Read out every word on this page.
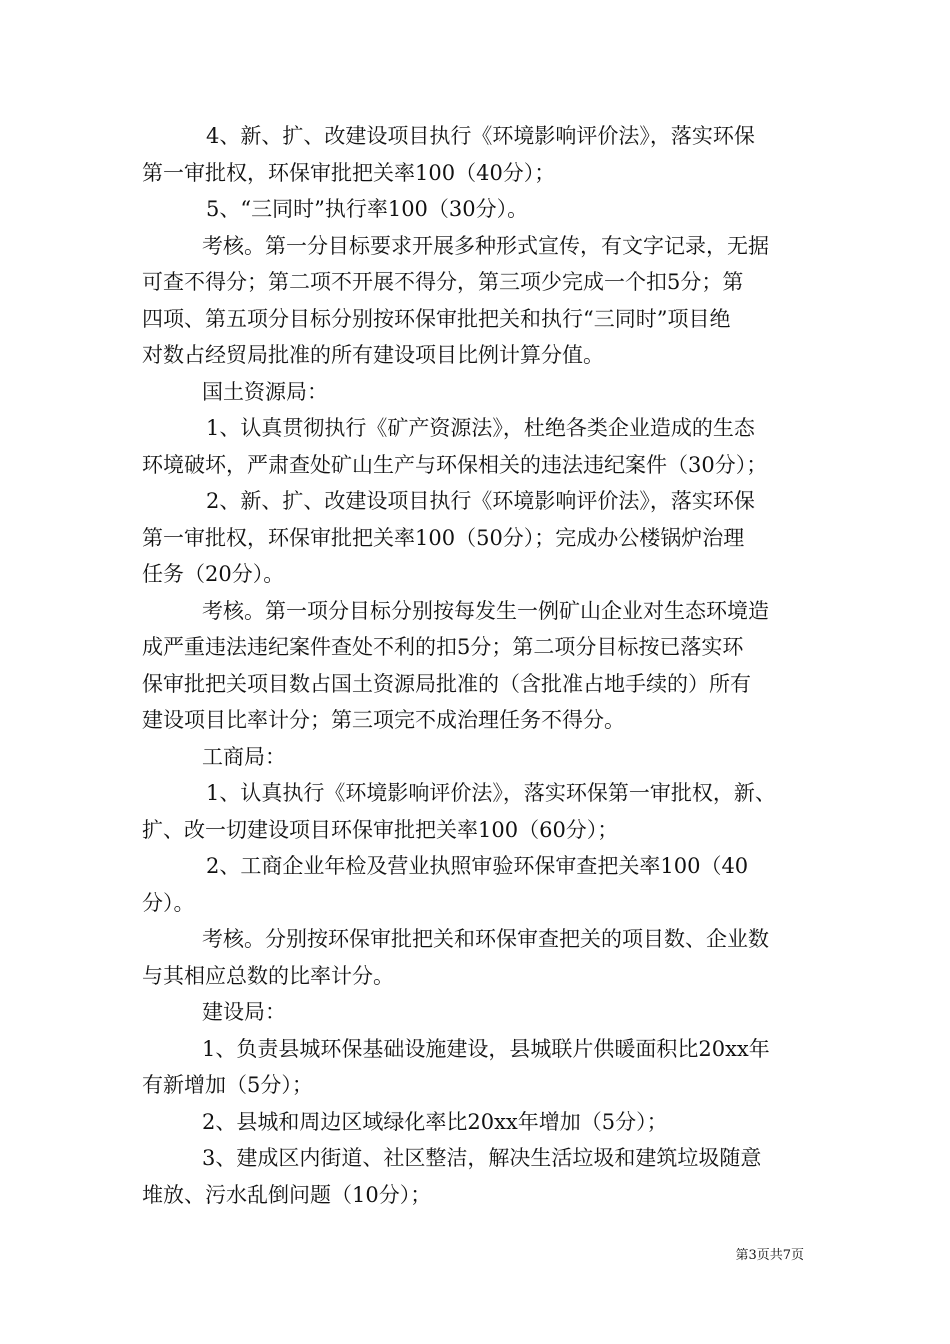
4、新、扩、改建设项目执行《环境影响评价法》，落实环保
第一审批权，环保审批把关率100（40分）；
5、“三同时”执行率100（30分）。
考核。第一分目标要求开展多种形式宣传，有文字记录，无据
可查不得分；第二项不开展不得分，第三项少完成一个扣5分；第
四项、第五项分目标分别按环保审批把关和执行“三同时”项目绝
对数占经贸局批准的所有建设项目比例计算分值。
国土资源局：
1、认真贯彻执行《矿产资源法》，杜绝各类企业造成的生态
环境破坏，严肃查处矿山生产与环保相关的违法违纪案件（30分）；
2、新、扩、改建设项目执行《环境影响评价法》，落实环保
第一审批权，环保审批把关率100（50分）；完成办公楼锅炉治理
任务（20分）。
考核。第一项分目标分别按每发生一例矿山企业对生态环境造
成严重违法违纪案件查处不利的扣5分；第二项分目标按已落实环
保审批把关项目数占国土资源局批准的（含批准占地手续的）所有
建设项目比率计分；第三项完不成治理任务不得分。
工商局：
1、认真执行《环境影响评价法》，落实环保第一审批权，新、
扩、改一切建设项目环保审批把关率100（60分）；
2、工商企业年检及营业执照审验环保审查把关率100（40
分）。
考核。分别按环保审批把关和环保审查把关的项目数、企业数
与其相应总数的比率计分。
建设局：
1、负责县城环保基础设施建设，县城联片供暖面积比20xx年
有新增加（5分）；
2、县城和周边区域绿化率比20xx年增加（5分）；
3、建成区内街道、社区整洁，解决生活垃圾和建筑垃圾随意
堆放、污水乱倒问题（10分）；
第3页共7页
